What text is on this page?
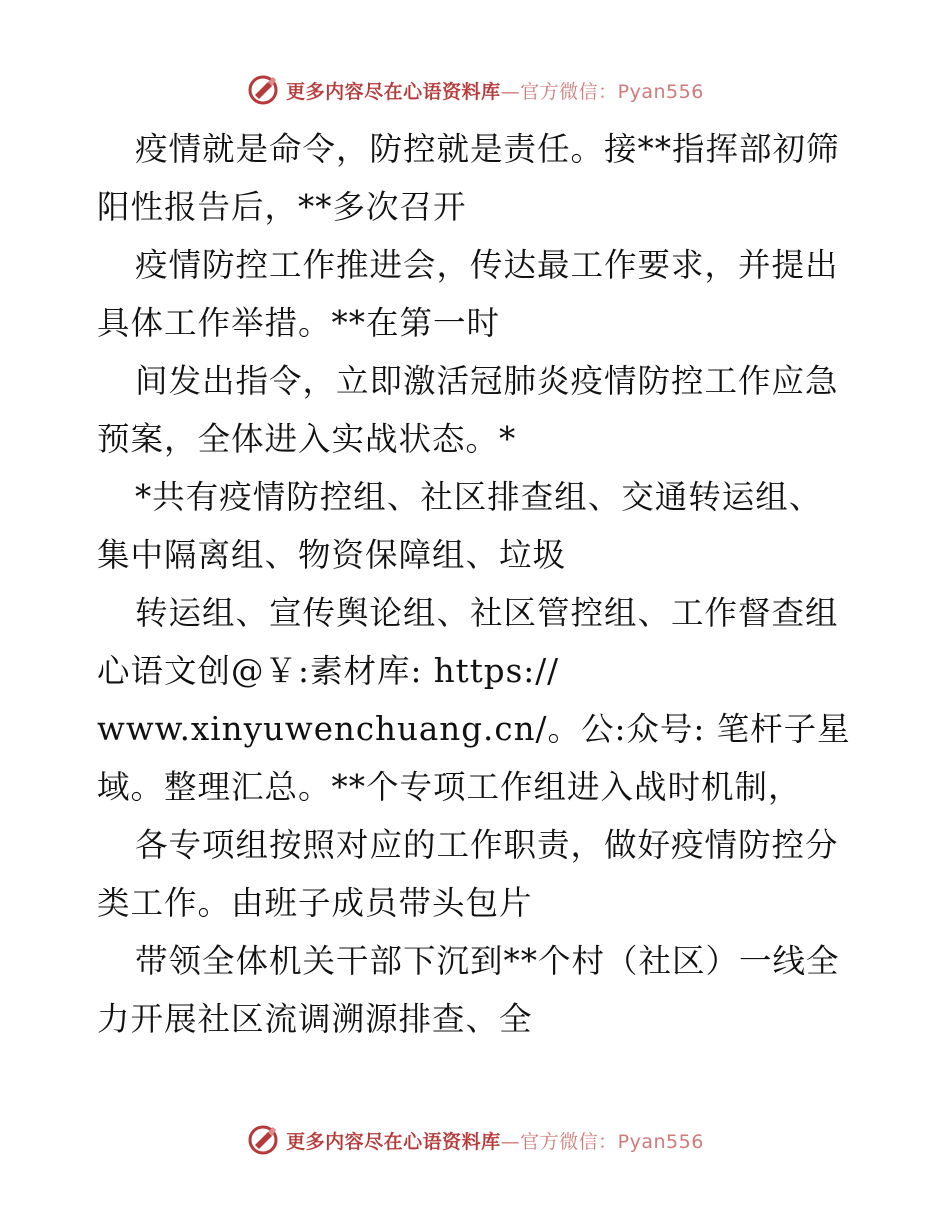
更多内容尽在心语资料库—官方微信：Pyan556
疫情就是命令，防控就是责任。接**指挥部初筛
阳性报告后，**多次召开
疫情防控工作推进会，传达最工作要求，并提出
具体工作举措。**在第一时
间发出指令，立即激活冠肺炎疫情防控工作应急
预案，全体进入实战状态。*
*共有疫情防控组、社区排查组、交通转运组、
集中隔离组、物资保障组、垃圾
转运组、宣传舆论组、社区管控组、工作督查组
心语文创@￥:素材库: https://
www.xinyuwenchuang.cn/。公:众号: 笔杆子星
域。整理汇总。**个专项工作组进入战时机制，
各专项组按照对应的工作职责，做好疫情防控分
类工作。由班子成员带头包片
带领全体机关干部下沉到**个村（社区）一线全
力开展社区流调溯源排查、全
更多内容尽在心语资料库—官方微信：Pyan556
